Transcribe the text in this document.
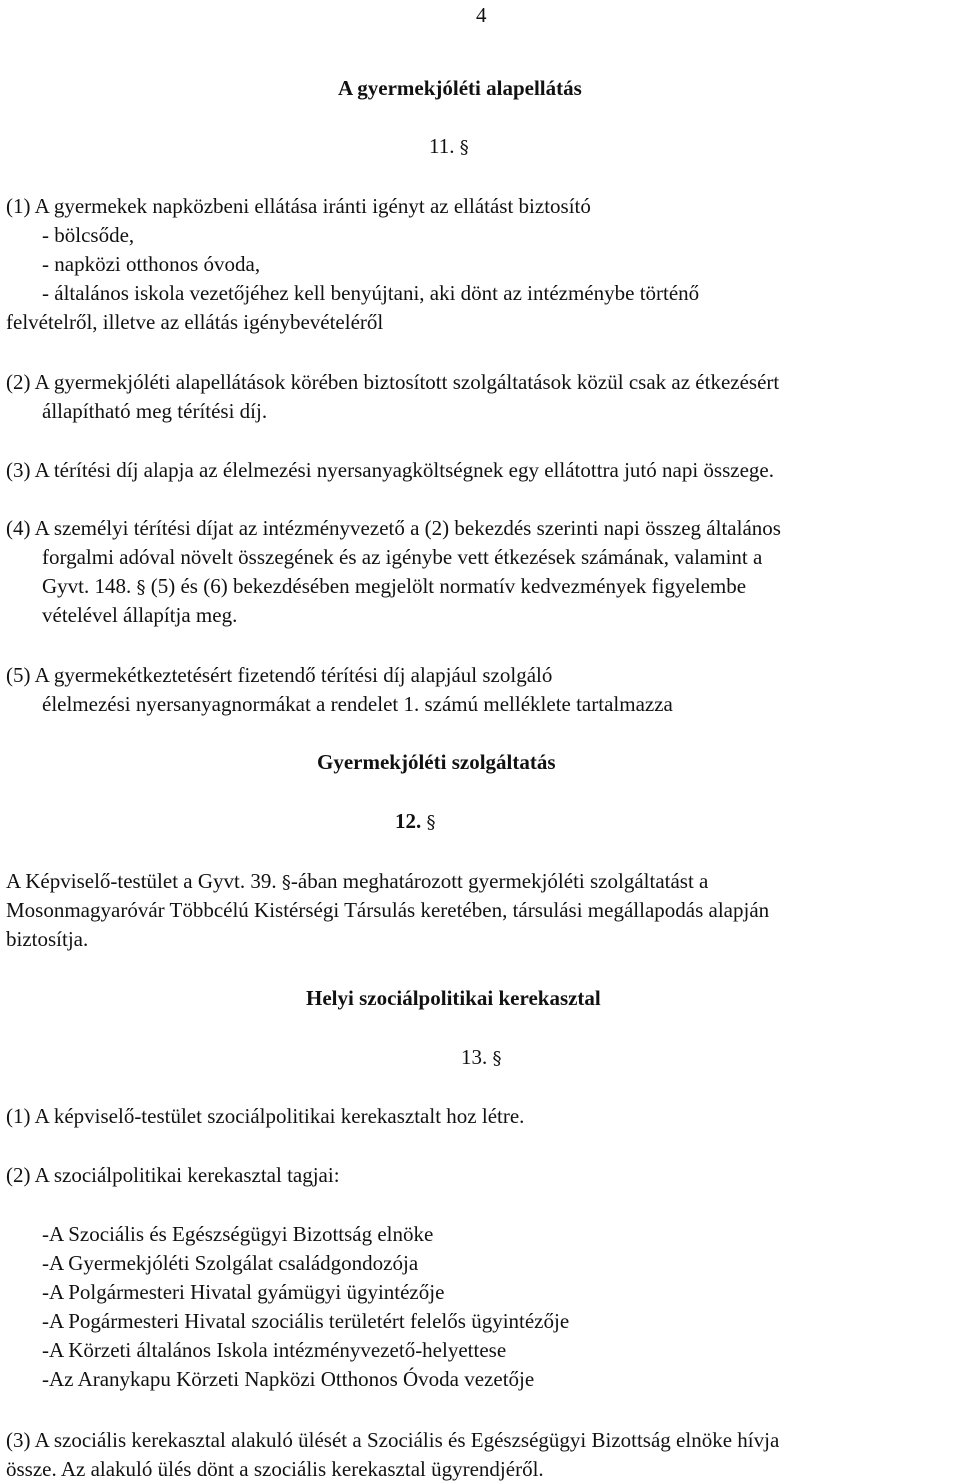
4
A gyermekjóléti alapellátás
11. §
(1) A gyermekek napközbeni ellátása iránti igényt az ellátást biztosító
- bölcsőde,
- napközi otthonos óvoda,
- általános iskola vezetőjéhez kell benyújtani, aki dönt az intézménybe történő
felvételről, illetve az ellátás igénybevételéről
(2) A gyermekjóléti alapellátások körében biztosított szolgáltatások közül csak az étkezésért
állapítható meg térítési díj.
(3) A térítési díj alapja az élelmezési nyersanyagköltségnek egy ellátottra jutó napi összege.
(4) A személyi térítési díjat az intézményvezető a (2) bekezdés szerinti napi összeg általános
forgalmi adóval növelt összegének és az igénybe vett étkezések számának, valamint a
Gyvt. 148. § (5) és (6) bekezdésében megjelölt normatív kedvezmények figyelembe
vételével állapítja meg.
(5) A gyermekétkeztetésért fizetendő térítési díj alapjául szolgáló
élelmezési nyersanyagnormákat a rendelet 1. számú melléklete tartalmazza
Gyermekjóléti szolgáltatás
12. §
A Képviselő-testület a Gyvt. 39. §-ában meghatározott gyermekjóléti szolgáltatást a
Mosonmagyaróvár Többcélú Kistérségi Társulás keretében, társulási megállapodás alapján
biztosítja.
Helyi szociálpolitikai kerekasztal
13. §
(1) A képviselő-testület szociálpolitikai kerekasztalt hoz létre.
(2) A szociálpolitikai kerekasztal tagjai:
-A Szociális és Egészségügyi Bizottság elnöke
-A Gyermekjóléti Szolgálat családgondozója
-A Polgármesteri Hivatal gyámügyi ügyintézője
-A Pogármesteri Hivatal szociális területért felelős ügyintézője
-A Körzeti általános Iskola intézményvezető-helyettese
-Az Aranykapu Körzeti Napközi Otthonos Óvoda vezetője
(3) A szociális kerekasztal alakuló ülését a Szociális és Egészségügyi Bizottság elnöke hívja
össze. Az alakuló ülés dönt a szociális kerekasztal ügyrendjéről.
